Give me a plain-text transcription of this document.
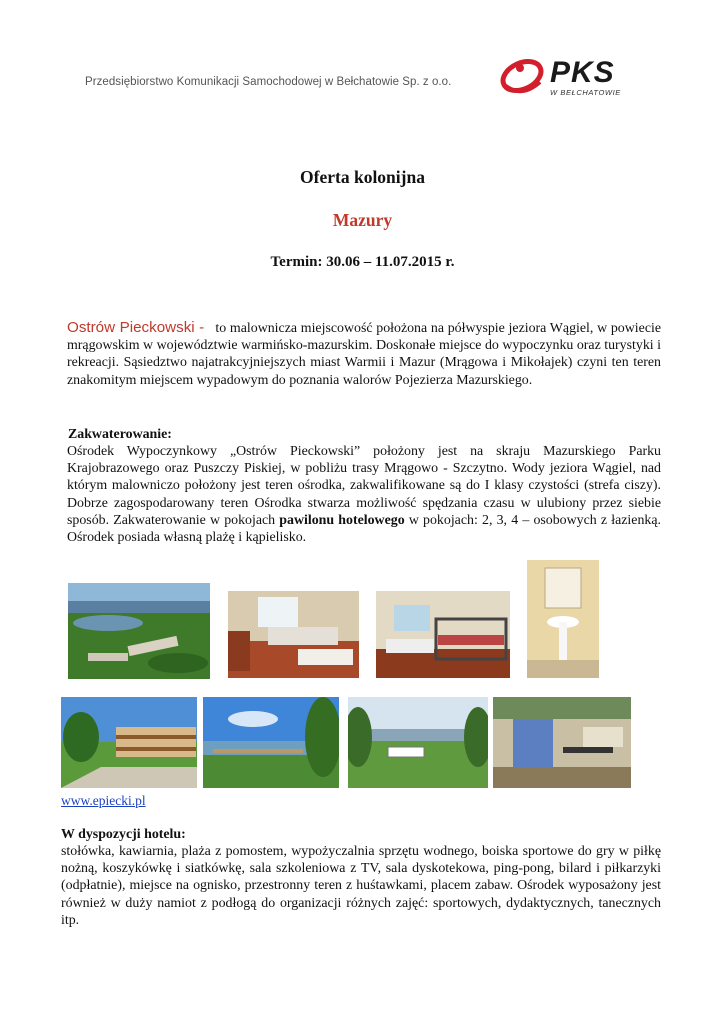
Przedsiębiorstwo Komunikacji Samochodowej w Bełchatowie Sp. z o.o.	PKS
W BEŁCHATOWIE
Oferta kolonijna
Mazury
Termin: 30.06 – 11.07.2015 r.
Ostrów Pieckowski - to malownicza miejscowość położona na półwyspie jeziora Wągiel, w powiecie mrągowskim w województwie warmińsko-mazurskim. Doskonałe miejsce do wypoczynku oraz turystyki i rekreacji. Sąsiedztwo najatrakcyjniejszych miast Warmii i Mazur (Mrągowa i Mikołajek) czyni ten teren znakomitym miejscem wypadowym do poznania walorów Pojezierza Mazurskiego.
Zakwaterowanie:
Ośrodek Wypoczynkowy „Ostrów Pieckowski” położony jest na skraju Mazurskiego Parku Krajobrazowego oraz Puszczy Piskiej, w pobliżu trasy Mrągowo - Szczytno. Wody jeziora Wągiel, nad którym malowniczo położony jest teren ośrodka, zakwalifikowane są do I klasy czystości (strefa ciszy). Dobrze zagospodarowany teren Ośrodka stwarza możliwość spędzania czasu w ulubiony przez siebie sposób. Zakwaterowanie w pokojach pawilonu hotelowego w pokojach: 2, 3, 4 – osobowych z łazienką. Ośrodek posiada własną plażę i kąpielisko.
www.epiecki.pl
W dyspozycji hotelu:
stołówka, kawiarnia, plaża z pomostem, wypożyczalnia sprzętu wodnego, boiska sportowe do gry w piłkę nożną, koszykówkę i siatkówkę, sala szkoleniowa z TV, sala dyskotekowa, ping-pong, bilard i piłkarzyki (odpłatnie), miejsce na ognisko, przestronny teren z huśtawkami, placem zabaw. Ośrodek wyposażony jest również w duży namiot z podłogą do organizacji różnych zajęć: sportowych, dydaktycznych, tanecznych itp.
